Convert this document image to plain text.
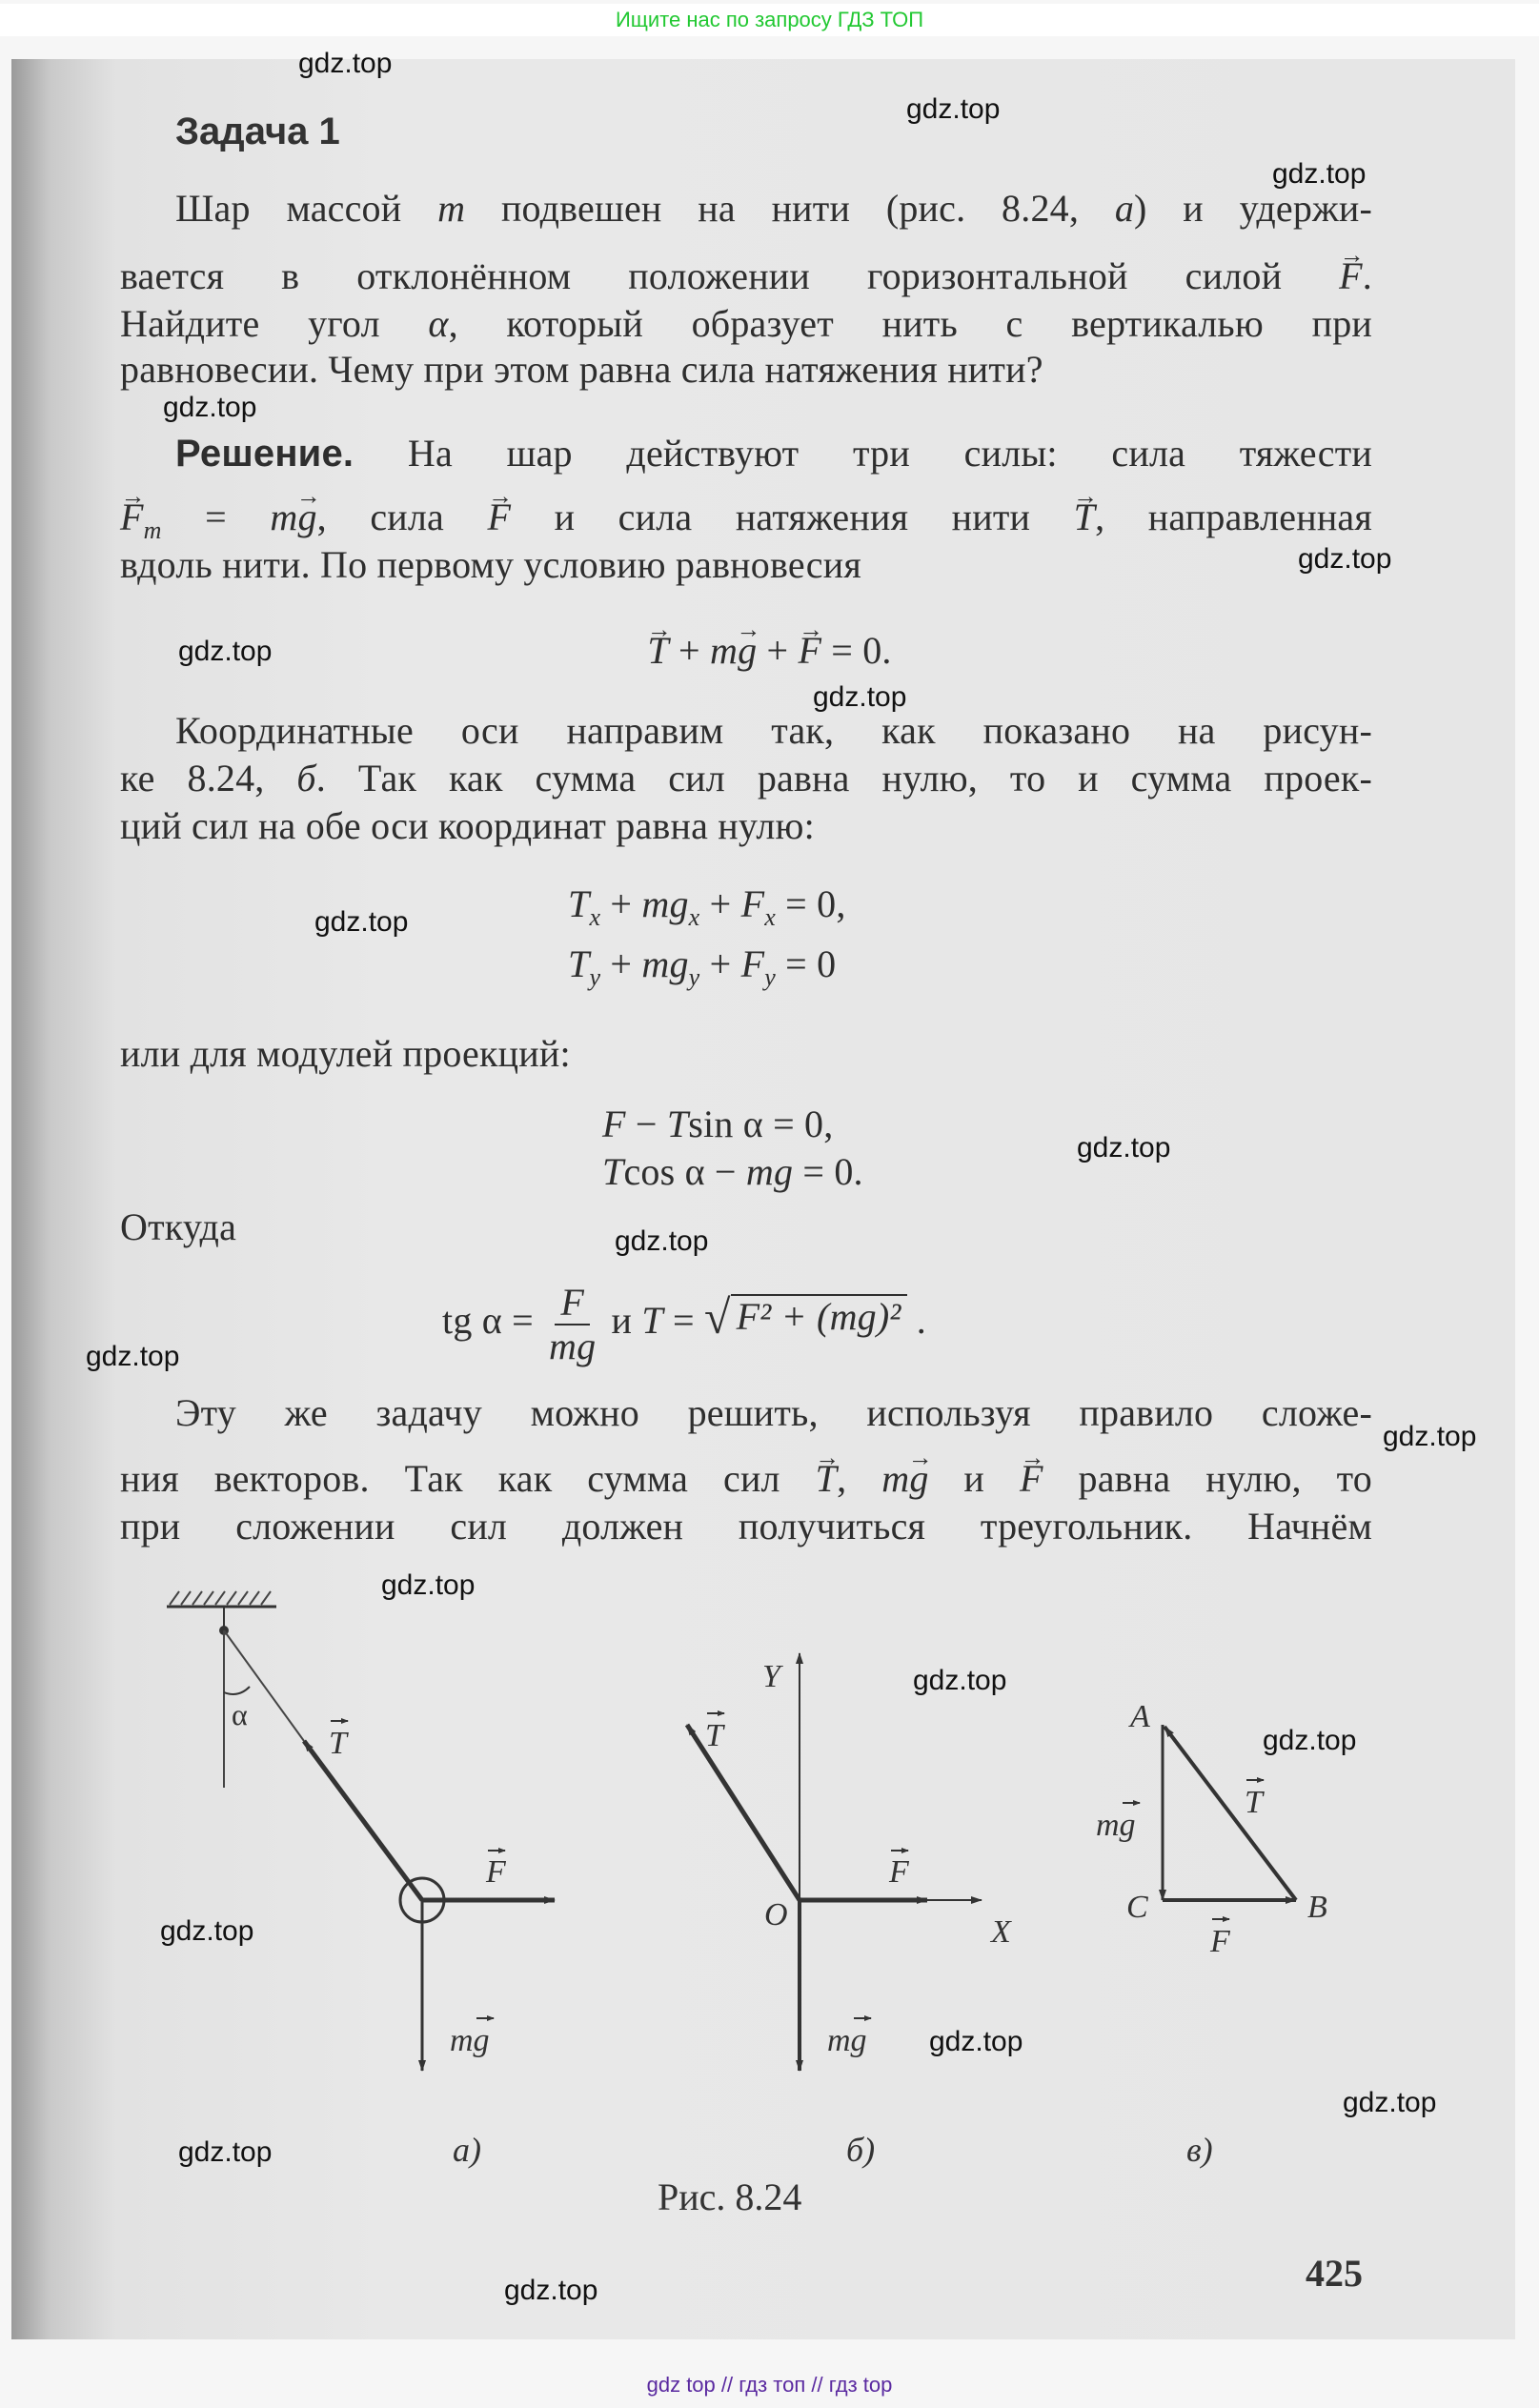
Ищите нас по запросу ГДЗ ТОП
Задача 1
Шар массой m подвешен на нити (рис. 8.24, а) и удержи-
вается в отклонённом положении горизонтальной силой → F.
Найдите угол α, который образует нить с вертикалью при
равновесии. Чему при этом равна сила натяжения нити?
Решение. На шар действуют три силы: сила тяжести
→ $F_т = m\to g$, сила → F и сила натяжения нити → T, направленная
вдоль нити. По первому условию равновесия
→ T + m→ g + → F = 0.
Координатные оси направим так, как показано на рисун-
ке 8.24, б. Так как сумма сил равна нулю, то и сумма проек-
ций сил на обе оси координат равна нулю:
$T_x + mg_x + F_x = 0$,
$T_y + mg_y + F_y = 0$
или для модулей проекций:
F − Tsin α = 0,
Tcos α − mg = 0.
Откуда
tg $\alpha = \frac{F}{mg}$ и T = √ F² + (mg)² .
Эту же задачу можно решить, используя правило сложе-
ния векторов. Так как сумма сил → T, m→ g и → F равна нулю, то
при сложении сил должен получиться треугольник. Начнём
α
T
F
mg
а)
Y
X
O
T
F
mg
б)
A
C	B
mg
T
F
в)
Рис. 8.24
425
gdz.top
gdz.top
gdz.top
gdz.top
gdz.top
gdz.top
gdz.top
gdz.top
gdz.top
gdz.top
gdz.top
gdz.top
gdz.top
gdz.top
gdz.top
gdz.top
gdz.top
gdz.top
gdz.top
gdz.top
gdz top // гдз топ // гдз top
